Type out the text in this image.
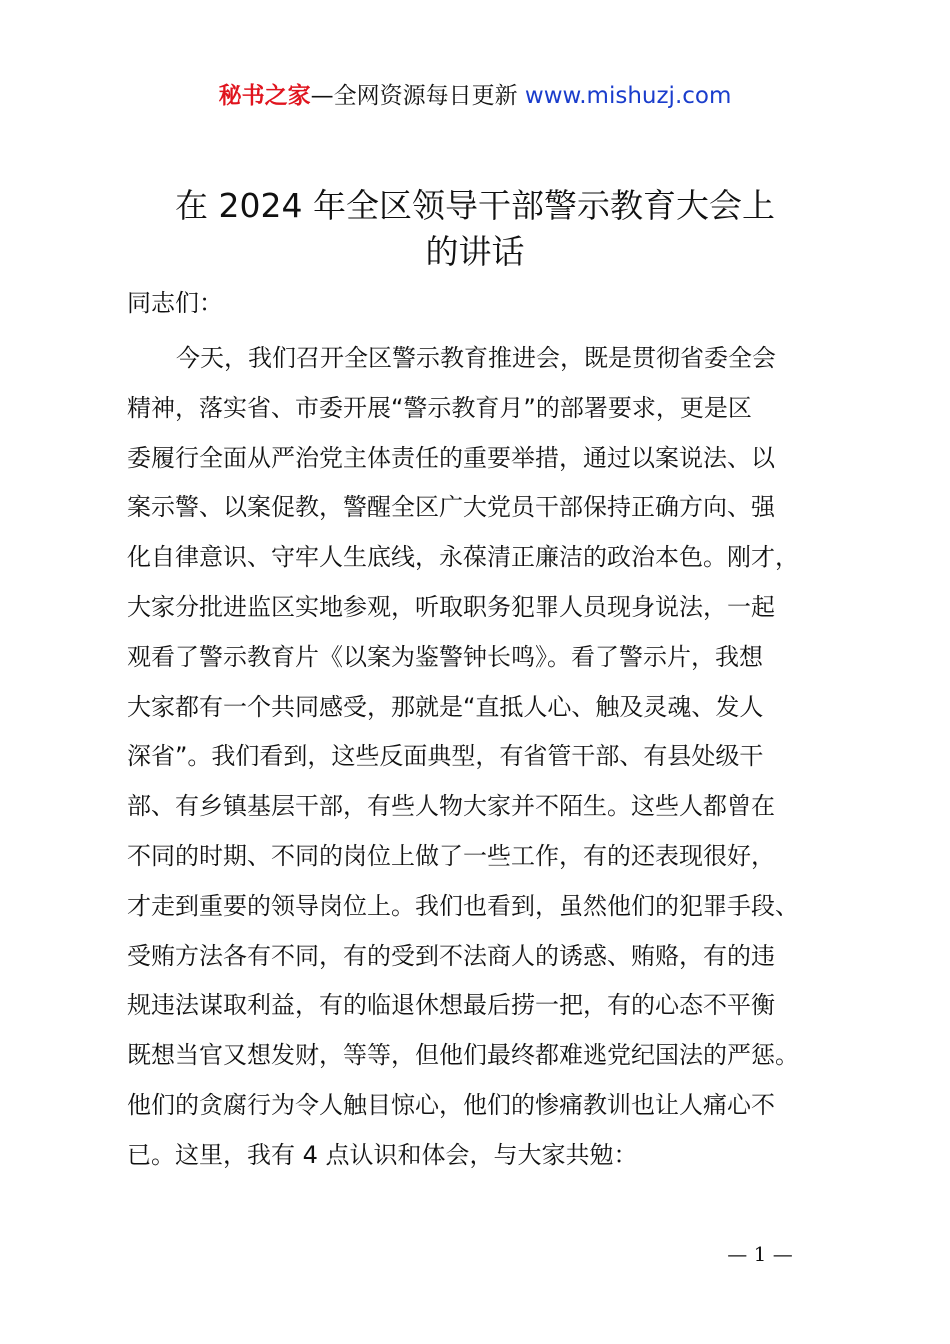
秘书之家—全网资源每日更新 www.mishuzj.com
在 2024 年全区领导干部警示教育大会上
的讲话
同志们：
今天，我们召开全区警示教育推进会，既是贯彻省委全会
精神，落实省、市委开展“警示教育月”的部署要求，更是区
委履行全面从严治党主体责任的重要举措，通过以案说法、以
案示警、以案促教，警醒全区广大党员干部保持正确方向、强
化自律意识、守牢人生底线，永葆清正廉洁的政治本色。刚才，
大家分批进监区实地参观，听取职务犯罪人员现身说法，一起
观看了警示教育片《以案为鉴警钟长鸣》。看了警示片，我想
大家都有一个共同感受，那就是“直抵人心、触及灵魂、发人
深省”。我们看到，这些反面典型，有省管干部、有县处级干
部、有乡镇基层干部，有些人物大家并不陌生。这些人都曾在
不同的时期、不同的岗位上做了一些工作，有的还表现很好，
才走到重要的领导岗位上。我们也看到，虽然他们的犯罪手段、
受贿方法各有不同，有的受到不法商人的诱惑、贿赂，有的违
规违法谋取利益，有的临退休想最后捞一把，有的心态不平衡
既想当官又想发财，等等，但他们最终都难逃党纪国法的严惩。
他们的贪腐行为令人触目惊心，他们的惨痛教训也让人痛心不
已。这里，我有 4 点认识和体会，与大家共勉：
— 1 —
